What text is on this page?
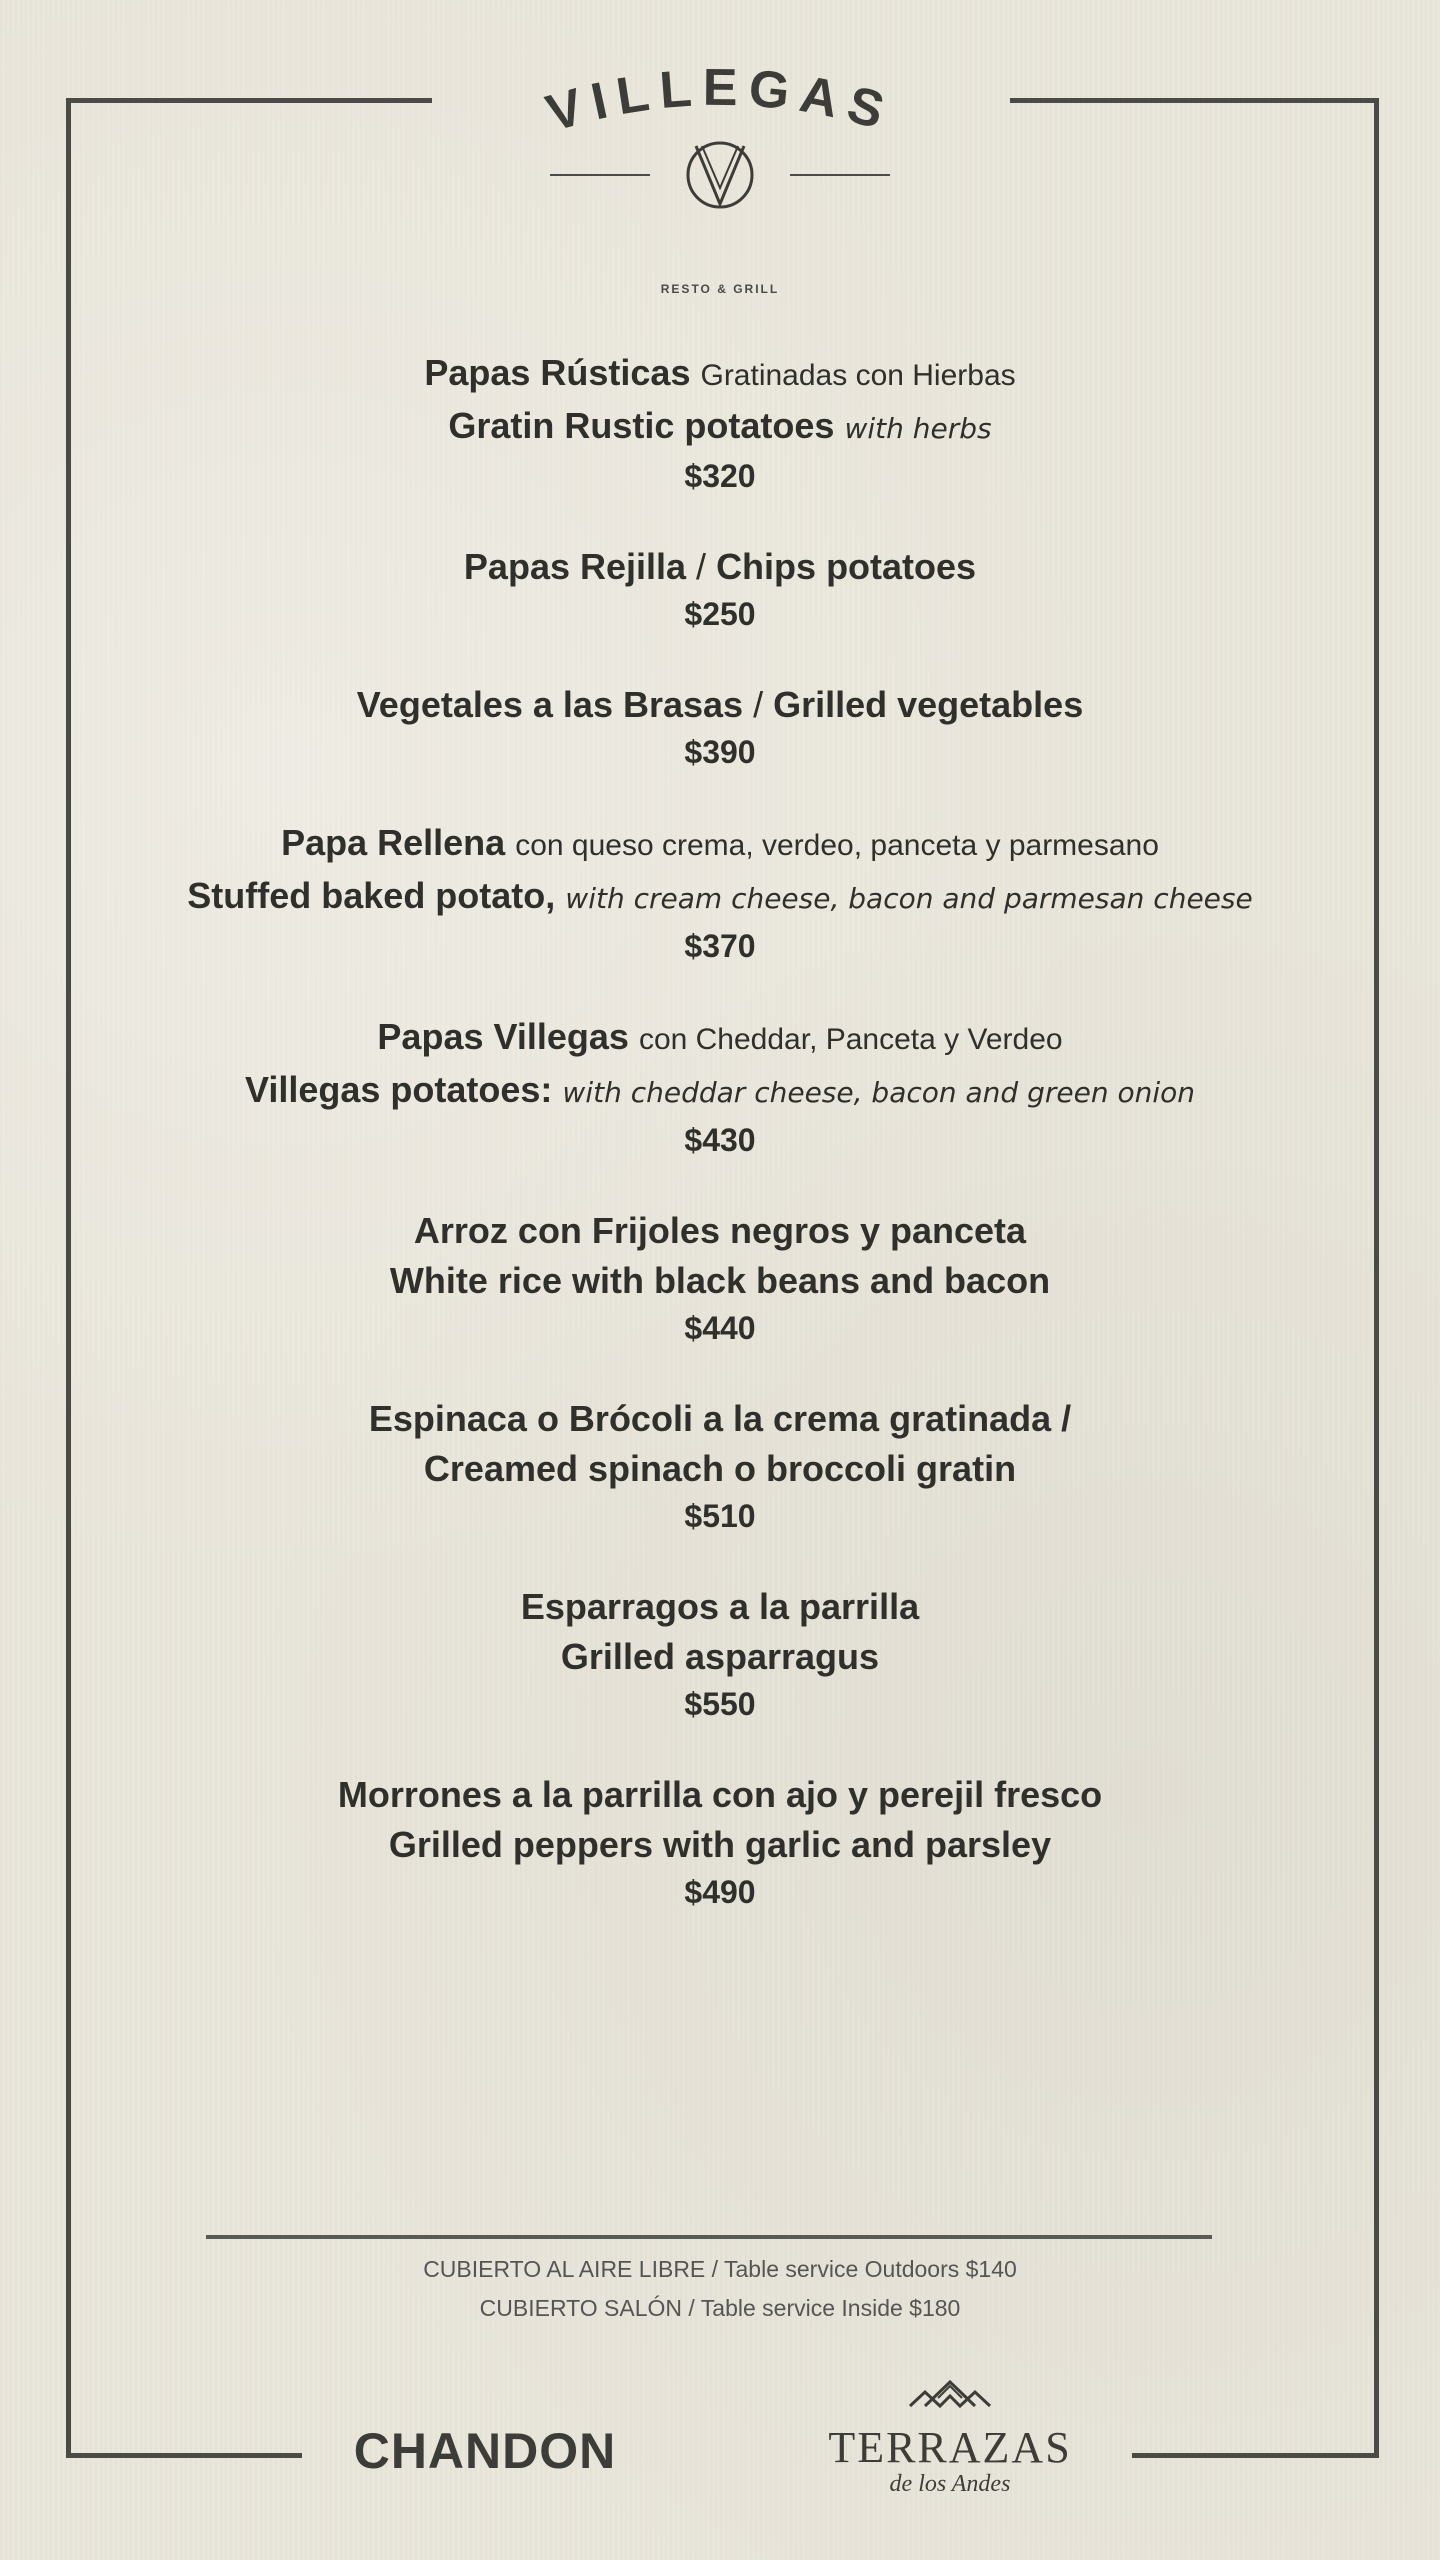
VILLEGAS
RESTO & GRILL
Papas Rústicas Gratinadas con Hierbas
Gratin Rustic potatoes with herbs
$320
Papas Rejilla / Chips potatoes
$250
Vegetales a las Brasas / Grilled vegetables
$390
Papa Rellena con queso crema, verdeo, panceta y parmesano
Stuffed baked potato, with cream cheese, bacon and parmesan cheese
$370
Papas Villegas con Cheddar, Panceta y Verdeo
Villegas potatoes: with cheddar cheese, bacon and green onion
$430
Arroz con Frijoles negros y panceta
White rice with black beans and bacon
$440
Espinaca o Brócoli a la crema gratinada /
Creamed spinach o broccoli gratin
$510
Esparragos a la parrilla
Grilled asparragus
$550
Morrones a la parrilla con ajo y perejil fresco
Grilled peppers with garlic and parsley
$490
CUBIERTO AL AIRE LIBRE / Table service Outdoors $140
CUBIERTO SALÓN / Table service Inside $180
CHANDON	TERRAZAS
de los Andes
